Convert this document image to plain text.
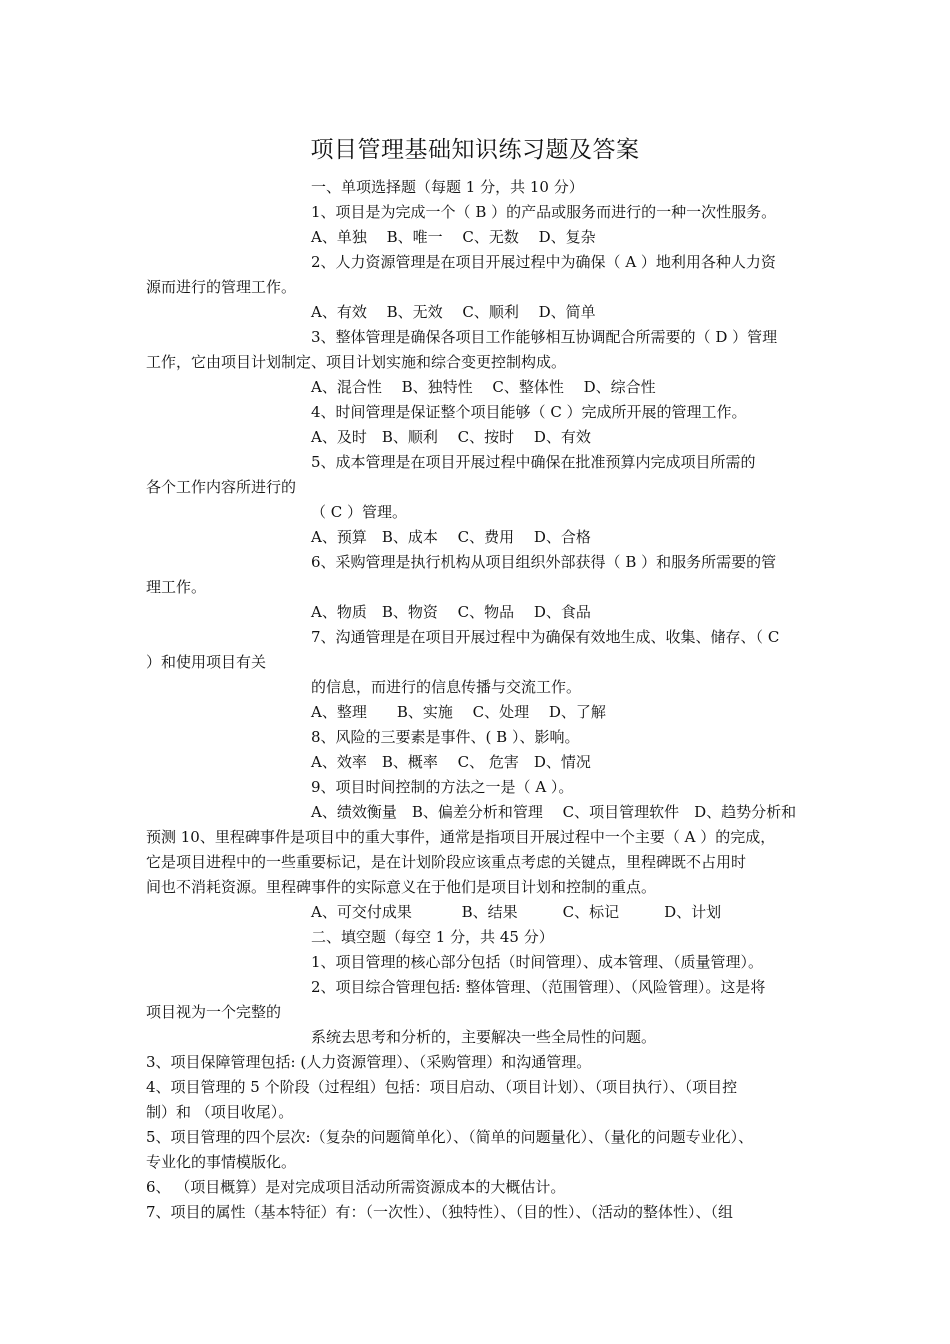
项目管理基础知识练习题及答案
一、单项选择题（每题 1 分，共 10 分）
1、项目是为完成一个（ B ）的产品或服务而进行的一种一次性服务。
A、单独　 B、唯一　 C、无数　 D、复杂
2、人力资源管理是在项目开展过程中为确保（ A ）地利用各种人力资
源而进行的管理工作。
A、有效　 B、无效　 C、顺利　 D、简单
3、整体管理是确保各项目工作能够相互协调配合所需要的（ D ）管理
工作，它由项目计划制定、项目计划实施和综合变更控制构成。
A、混合性　 B、独特性　 C、整体性　 D、综合性
4、时间管理是保证整个项目能够（ C ）完成所开展的管理工作。
A、及时　B、顺利　 C、按时　 D、有效
5、成本管理是在项目开展过程中确保在批准预算内完成项目所需的
各个工作内容所进行的
（ C ）管理。
A、预算　B、成本　 C、费用　 D、合格
6、采购管理是执行机构从项目组织外部获得（ B ）和服务所需要的管
理工作。
A、物质　B、物资　 C、物品　 D、食品
7、沟通管理是在项目开展过程中为确保有效地生成、收集、储存、（ C
）和使用项目有关
的信息，而进行的信息传播与交流工作。
A、整理　　B、实施　 C、处理　 D、了解
8、风险的三要素是事件、( B ）、影响。
A、效率　B、概率　 C、 危害　D、情况
9、项目时间控制的方法之一是（ A ）。
A、绩效衡量　B、偏差分析和管理　 C、项目管理软件　D、趋势分析和
预测 10、里程碑事件是项目中的重大事件，通常是指项目开展过程中一个主要（ A ）的完成，
它是项目进程中的一些重要标记，是在计划阶段应该重点考虑的关键点，里程碑既不占用时
间也不消耗资源。里程碑事件的实际意义在于他们是项目计划和控制的重点。
A、可交付成果　　　 B、结果　　　C、标记　　　D、计划
二、填空题（每空 1 分，共 45 分）
1、项目管理的核心部分包括（时间管理）、成本管理、（质量管理）。
2、项目综合管理包括: 整体管理、（范围管理）、（风险管理）。这是将
项目视为一个完整的
系统去思考和分析的，主要解决一些全局性的问题。
3、项目保障管理包括: (人力资源管理）、（采购管理）和沟通管理。
4、项目管理的 5 个阶段（过程组）包括：项目启动、（项目计划）、（项目执行）、（项目控
制）和 （项目收尾）。
5、项目管理的四个层次:（复杂的问题简单化）、（简单的问题量化）、（量化的问题专业化）、
专业化的事情模版化。
6、 （项目概算）是对完成项目活动所需资源成本的大概估计。
7、项目的属性（基本特征）有：（一次性）、（独特性）、（目的性）、（活动的整体性）、（组
